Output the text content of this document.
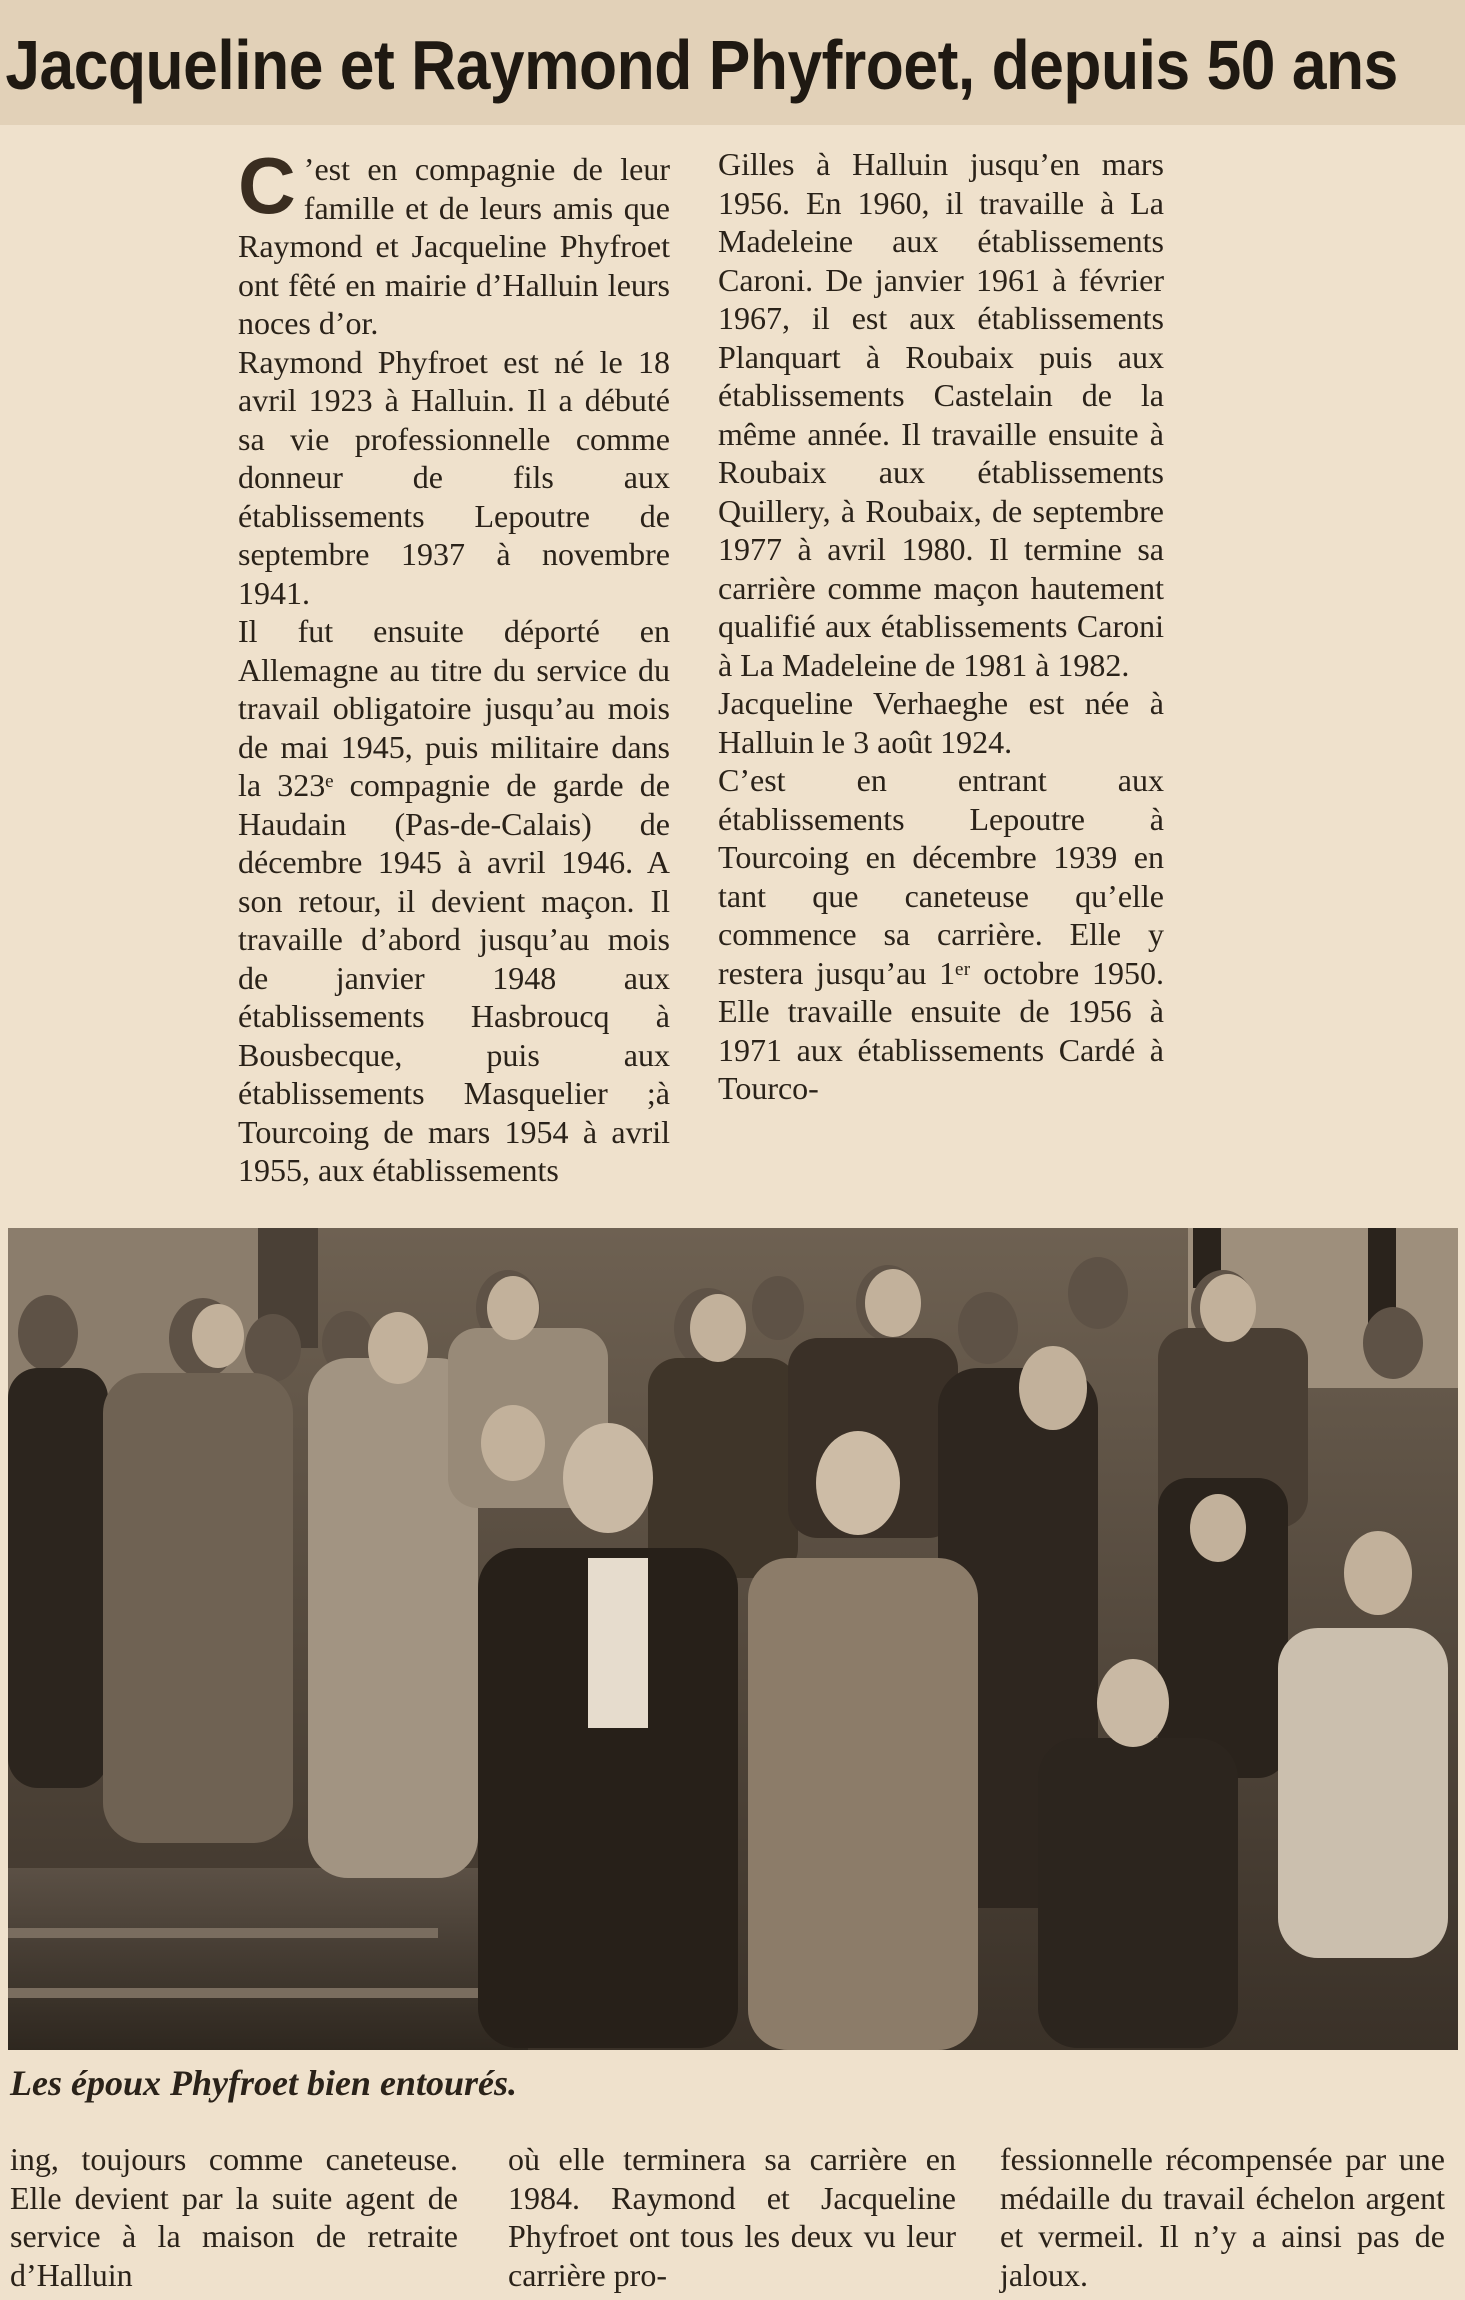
Jacqueline et Raymond Phyfroet, depuis 50 ans

C ’est en compagnie de leur famille et de leurs amis que Raymond et Jacqueline Phyfroet ont fêté en mairie d’Halluin leurs noces d’or.

Raymond Phyfroet est né le 18 avril 1923 à Halluin. Il a débuté sa vie professionnelle comme donneur de fils aux établissements Lepoutre de septembre 1937 à novembre 1941.

Il fut ensuite déporté en Allemagne au titre du service du travail obligatoire jusqu’au mois de mai 1945, puis militaire dans la 323ᵉ compagnie de garde de Haudain (Pas-de-Calais) de décembre 1945 à avril 1946. A son retour, il devient maçon. Il travaille d’abord jusqu’au mois de janvier 1948 aux établissements Hasbroucq à Bousbecque, puis aux établissements Masquelier ;à Tourcoing de mars 1954 à avril 1955, aux établissements

Gilles à Halluin jusqu’en mars 1956. En 1960, il travaille à La Madeleine aux établissements Caroni. De janvier 1961 à février 1967, il est aux établissements Planquart à Roubaix puis aux établissements Castelain de la même année. Il travaille ensuite à Roubaix aux établissements Quillery, à Roubaix, de septembre 1977 à avril 1980. Il termine sa carrière comme maçon hautement qualifié aux établissements Caroni à La Madeleine de 1981 à 1982.

Jacqueline Verhaeghe est née à Halluin le 3 août 1924.

C’est en entrant aux établissements Lepoutre à Tourcoing en décembre 1939 en tant que caneteuse qu’elle commence sa carrière. Elle y restera jusqu’au 1ᵉʳ octobre 1950. Elle travaille ensuite de 1956 à 1971 aux établissements Cardé à Tourco-

Les époux Phyfroet bien entourés.
ing, toujours comme caneteuse. Elle devient par la suite agent de service à la maison de retraite d’Halluin
où elle terminera sa carrière en 1984. Raymond et Jacqueline Phyfroet ont tous les deux vu leur carrière pro-
fessionnelle récompensée par une médaille du travail échelon argent et vermeil. Il n’y a ainsi pas de jaloux.
